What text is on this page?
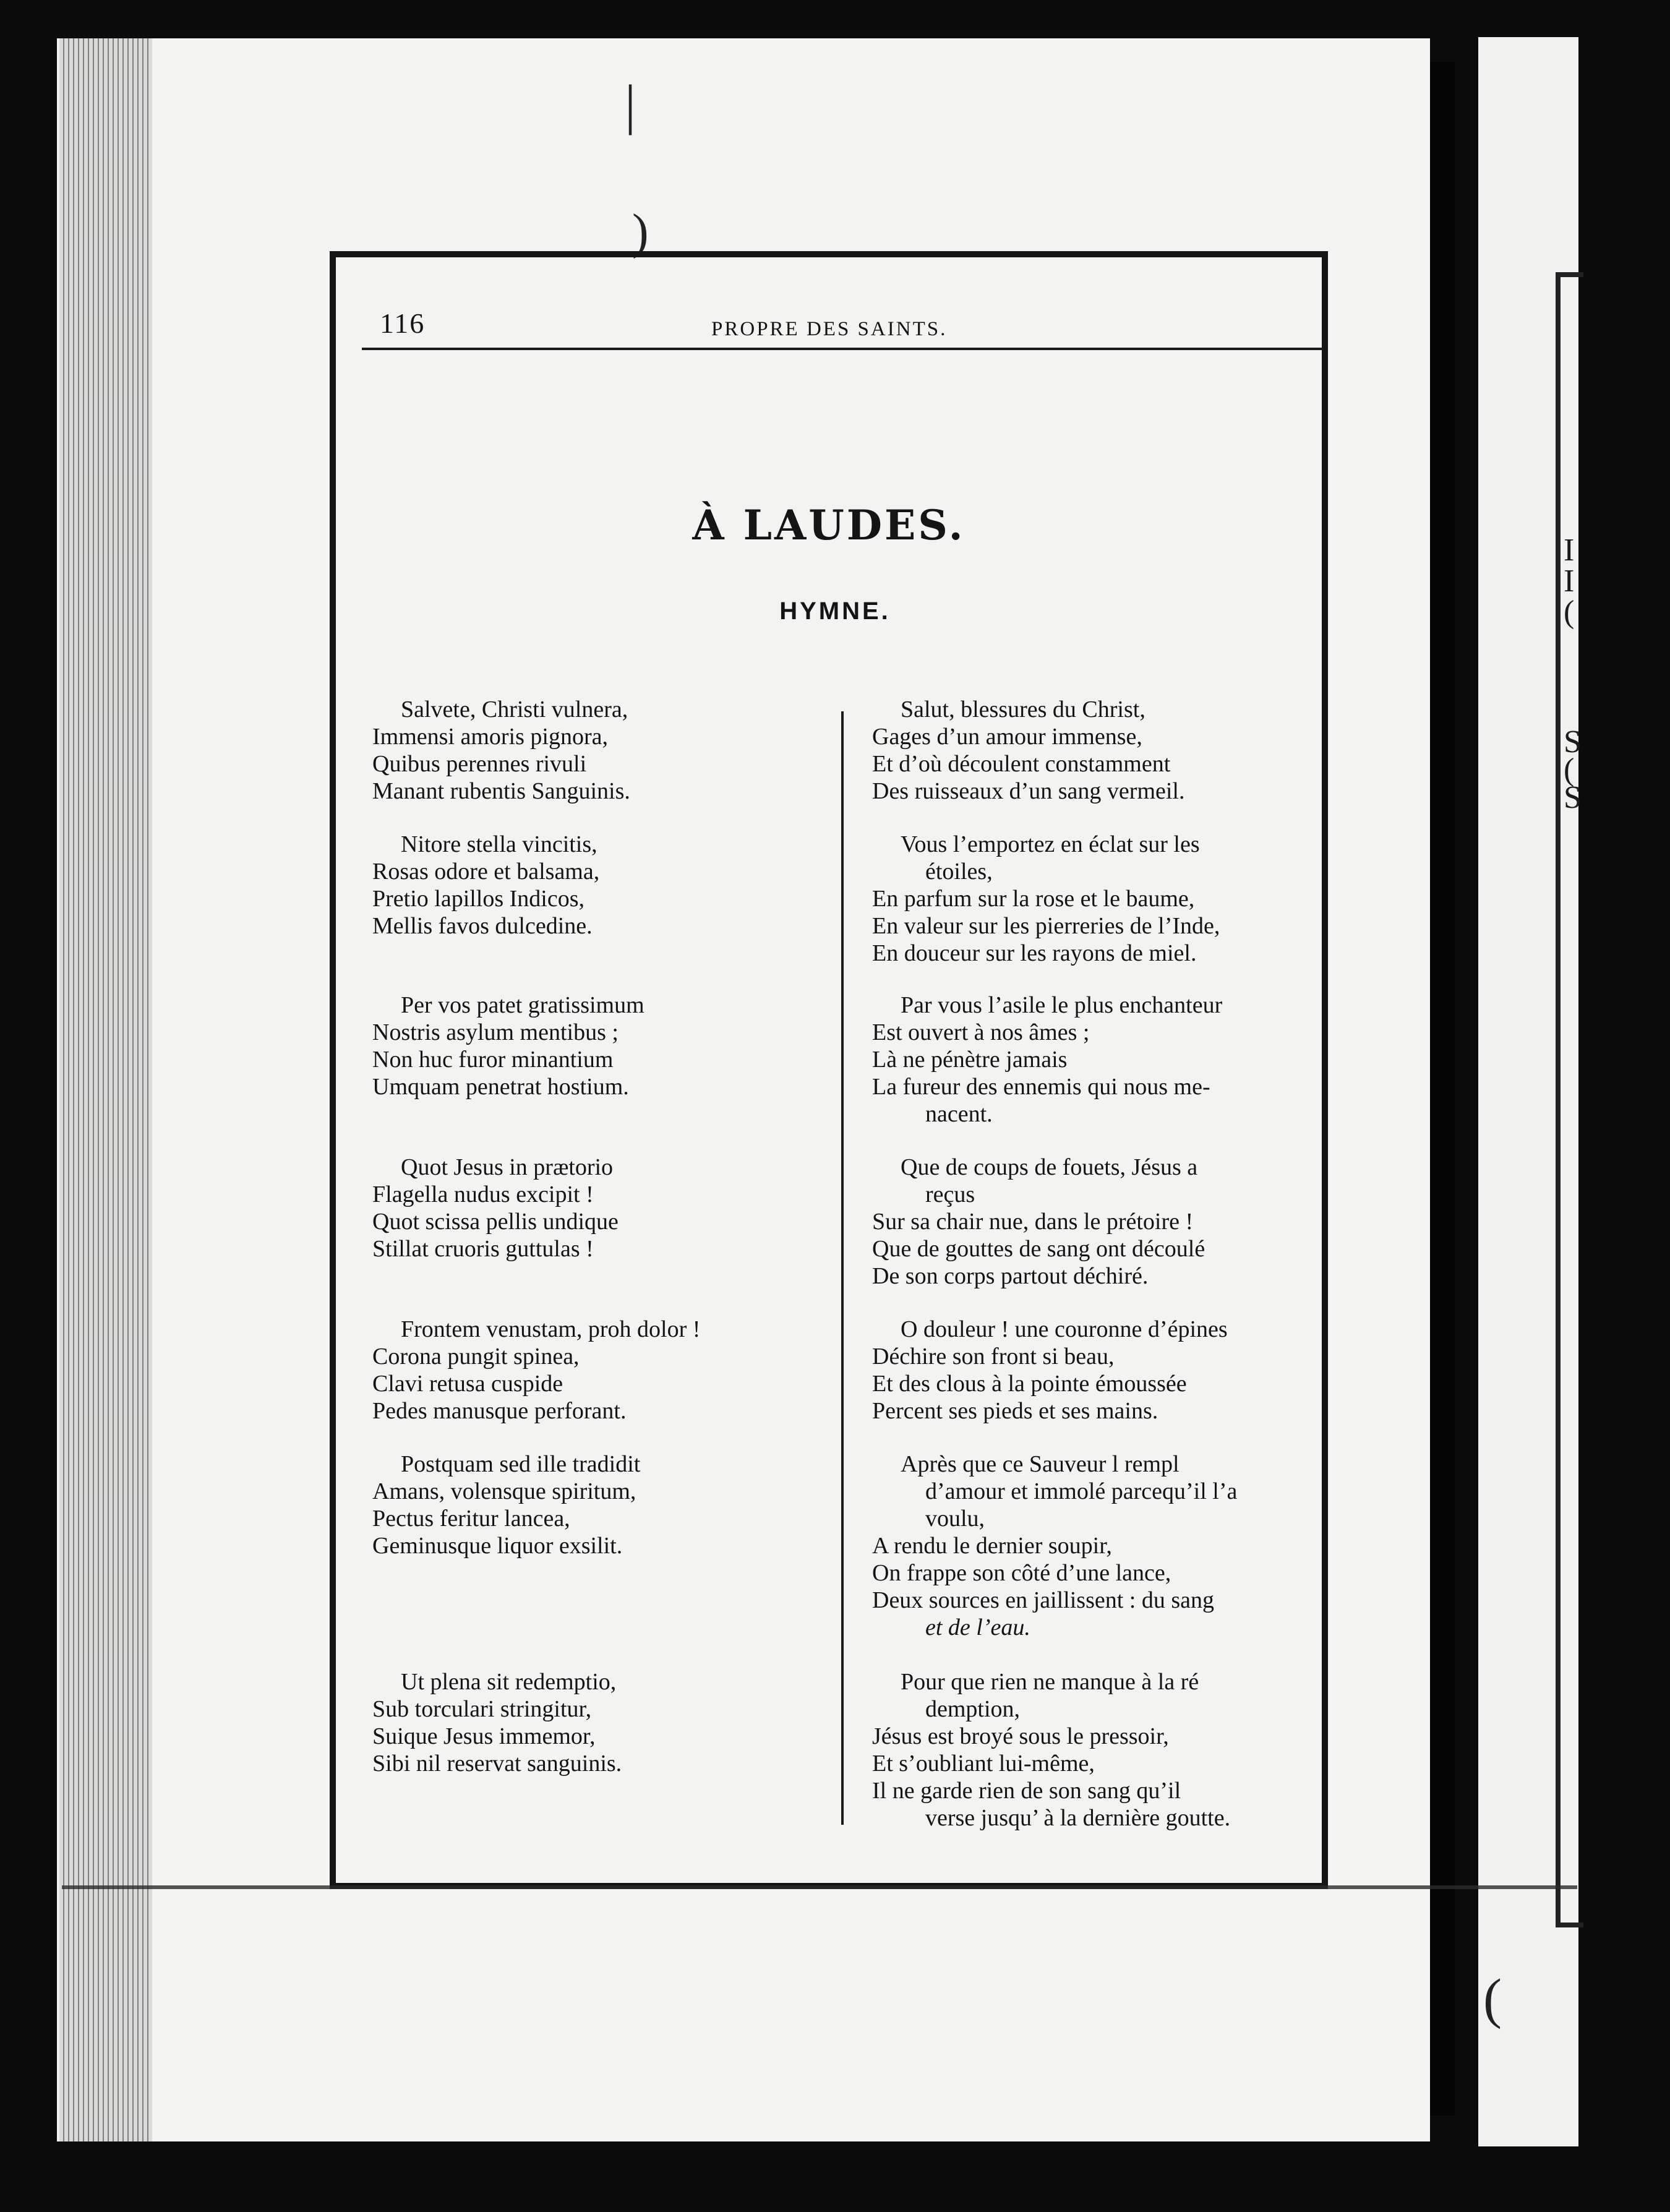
I
I
(
S
(
S
|
)
(
116	PROPRE DES SAINTS.
À LAUDES.
HYMNE.
Salvete, Christi vulnera,
Immensi amoris pignora,
Quibus perennes rivuli
Manant rubentis Sanguinis.
Nitore stella vincitis,
Rosas odore et balsama,
Pretio lapillos Indicos,
Mellis favos dulcedine.
Per vos patet gratissimum
Nostris asylum mentibus ;
Non huc furor minantium
Umquam penetrat hostium.
Quot Jesus in prætorio
Flagella nudus excipit !
Quot scissa pellis undique
Stillat cruoris guttulas !
Frontem venustam, proh dolor !
Corona pungit spinea,
Clavi retusa cuspide
Pedes manusque perforant.
Postquam sed ille tradidit
Amans, volensque spiritum,
Pectus feritur lancea,
Geminusque liquor exsilit.
Ut plena sit redemptio,
Sub torculari stringitur,
Suique Jesus immemor,
Sibi nil reservat sanguinis.
Salut, blessures du Christ,
Gages d’un amour immense,
Et d’où découlent constamment
Des ruisseaux d’un sang vermeil.
Vous l’emportez en éclat sur les
étoiles,
En parfum sur la rose et le baume,
En valeur sur les pierreries de l’Inde,
En douceur sur les rayons de miel.
Par vous l’asile le plus enchanteur
Est ouvert à nos âmes ;
Là ne pénètre jamais
La fureur des ennemis qui nous me-
nacent.
Que de coups de fouets, Jésus a
reçus
Sur sa chair nue, dans le prétoire !
Que de gouttes de sang ont découlé
De son corps partout déchiré.
O douleur ! une couronne d’épines
Déchire son front si beau,
Et des clous à la pointe émoussée
Percent ses pieds et ses mains.
Après que ce Sauveur l rempl
d’amour et immolé parcequ’il l’a
voulu,
A rendu le dernier soupir,
On frappe son côté d’une lance,
Deux sources en jaillissent : du sang
et de l’eau.
Pour que rien ne manque à la ré
demption,
Jésus est broyé sous le pressoir,
Et s’oubliant lui-même,
Il ne garde rien de son sang qu’il
verse jusqu’ à la dernière goutte.
